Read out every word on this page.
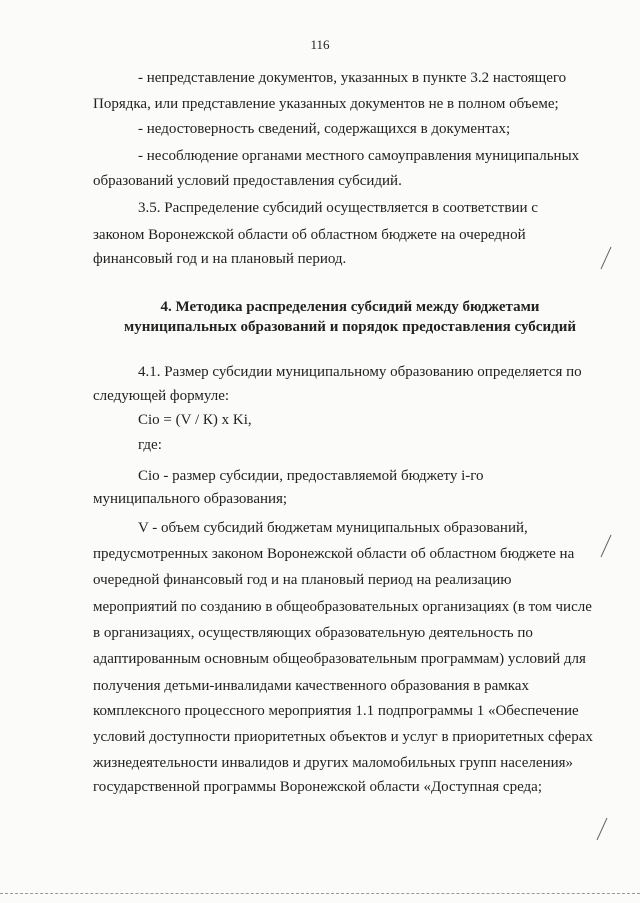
116
- непредставление документов, указанных в пункте 3.2 настоящего
Порядка, или представление указанных документов не в полном объеме;
- недостоверность сведений, содержащихся в документах;
- несоблюдение органами местного самоуправления муниципальных
образований условий предоставления субсидий.
3.5. Распределение субсидий осуществляется в соответствии с
законом Воронежской области об областном бюджете на очередной
финансовый год и на плановый период.
4. Методика распределения субсидий между бюджетами
муниципальных образований и порядок предоставления субсидий
4.1. Размер субсидии муниципальному образованию определяется по
следующей формуле:
Сio = (V / К) x Ki,
где:
Сio - размер субсидии, предоставляемой бюджету i-го
муниципального образования;
V - объем субсидий бюджетам муниципальных образований,
предусмотренных законом Воронежской области об областном бюджете на
очередной финансовый год и на плановый период на реализацию
мероприятий по созданию в общеобразовательных организациях (в том числе
в организациях, осуществляющих образовательную деятельность по
адаптированным основным общеобразовательным программам) условий для
получения детьми-инвалидами качественного образования в рамках
комплексного процессного мероприятия 1.1 подпрограммы 1 «Обеспечение
условий доступности приоритетных объектов и услуг в приоритетных сферах
жизнедеятельности инвалидов и других маломобильных групп населения»
государственной программы Воронежской области «Доступная среда;
